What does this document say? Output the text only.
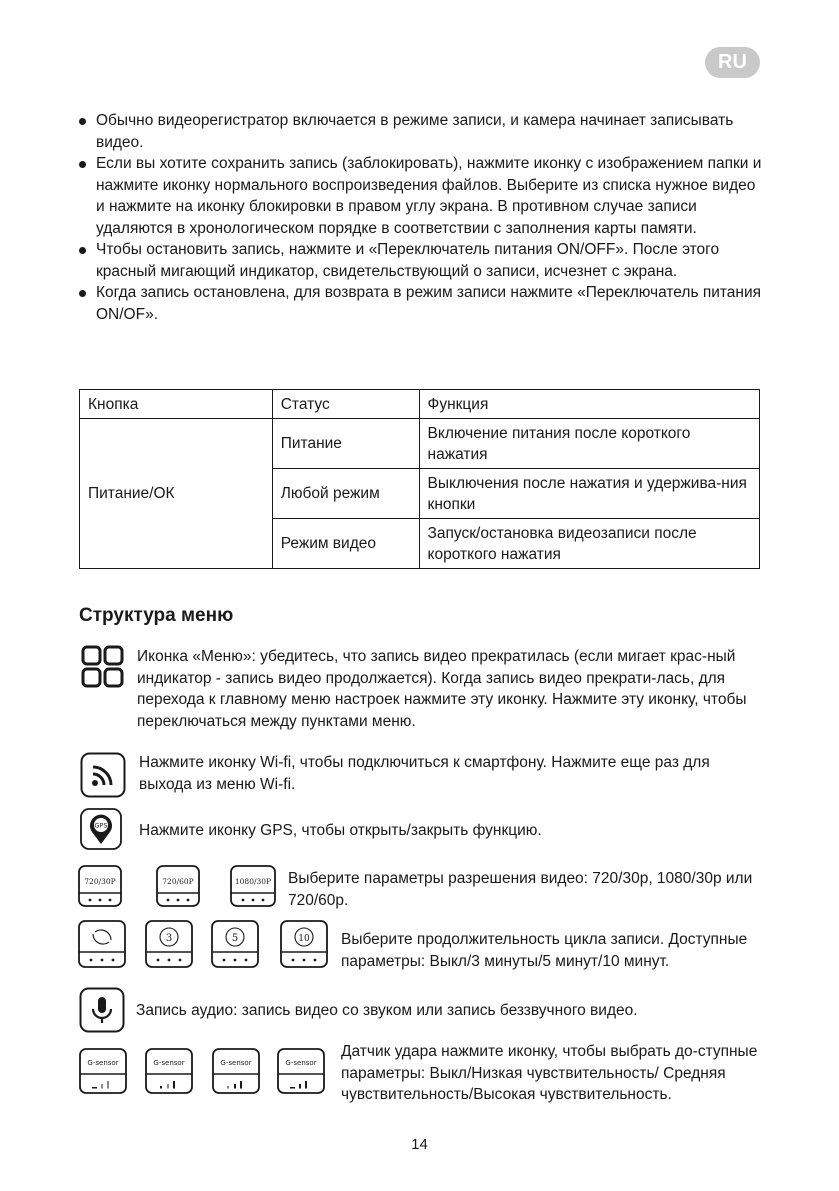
RU
Обычно видеорегистратор включается в режиме записи, и камера начинает записывать видео.
Если вы хотите сохранить запись (заблокировать), нажмите иконку с изображением папки и нажмите иконку нормального воспроизведения файлов. Выберите из списка нужное видео и нажмите на иконку блокировки в правом углу экрана. В противном случае записи удаляются в хронологическом порядке в соответствии с заполнения карты памяти.
Чтобы остановить запись, нажмите и «Переключатель питания ON/OFF». После этого красный мигающий индикатор, свидетельствующий о записи, исчезнет с экрана.
Когда запись остановлена, для возврата в режим записи нажмите «Переключатель питания ON/OF».
Кнопка	Статус	Функция
Питание/ОК	Питание	Включение питания после короткого нажатия
	Любой режим	Выключения после нажатия и удержива-ния кнопки
	Режим видео	Запуск/остановка видеозаписи после короткого нажатия
Структура меню
Иконка «Меню»: убедитесь, что запись видео прекратилась (если мигает крас-ный индикатор - запись видео продолжается). Когда запись видео прекрати-лась, для перехода к главному меню настроек нажмите эту иконку. Нажмите эту иконку, чтобы переключаться между пунктами меню.
Нажмите иконку Wi-fi, чтобы подключиться к смартфону. Нажмите еще раз для выхода из меню Wi-fi.
GPS Нажмите иконку GPS, чтобы открыть/закрыть функцию.
720/30P	720/60P	1080/30P Выберите параметры разрешения видео: 720/30p, 1080/30p или 720/60p.
3	5	10 Выберите продолжительность цикла записи. Доступные параметры: Выкл/3 минуты/5 минут/10 минут.
Запись аудио: запись видео со звуком или запись беззвучного видео.
G-sensor	G-sensor	G-sensor	G-sensor
Датчик удара нажмите иконку, чтобы выбрать до-ступные параметры: Выкл/Низкая чувствительность/ Средняя чувствительность/Высокая чувствительность.
14
